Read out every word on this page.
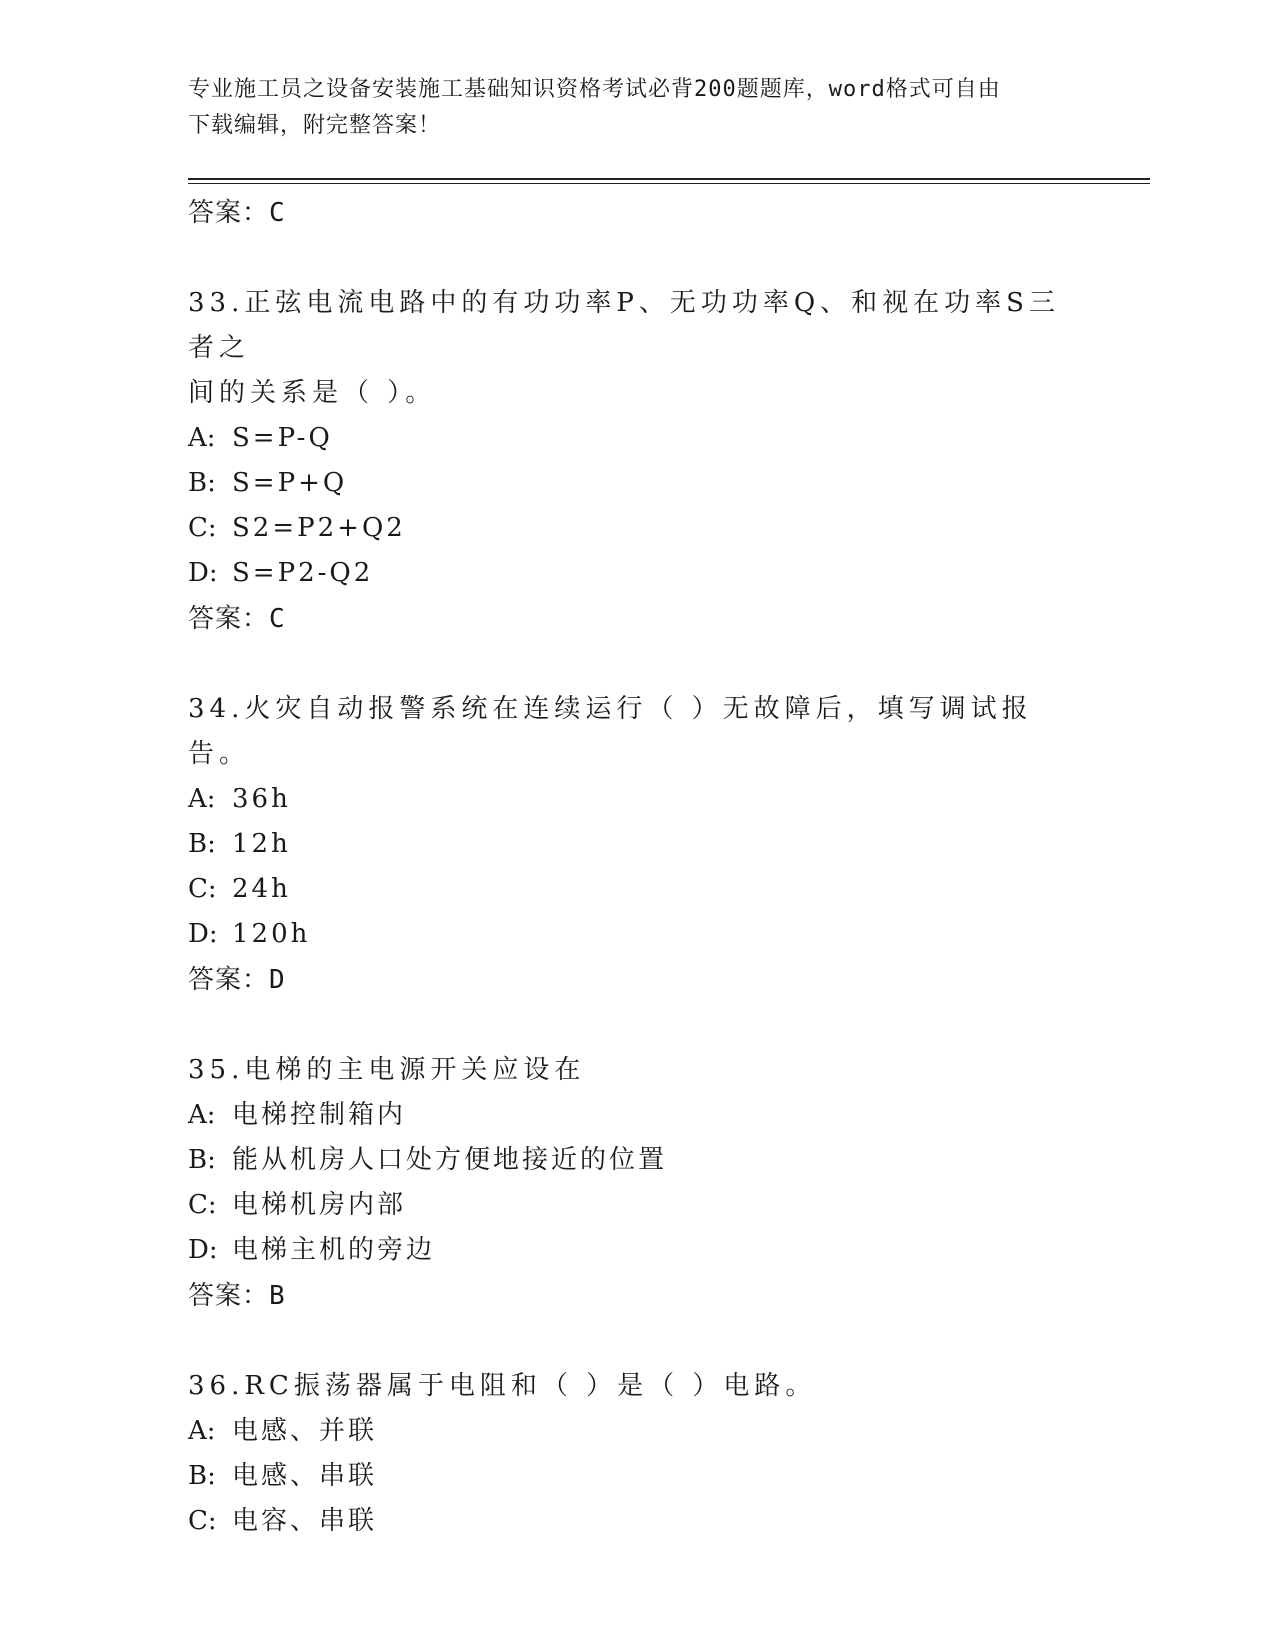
专业施工员之设备安装施工基础知识资格考试必背200题题库，word格式可自由
下载编辑，附完整答案！
答案：C
33.正弦电流电路中的有功功率P、无功功率Q、和视在功率S三者之
间的关系是（ ）。
A: S=P-Q
B: S=P+Q
C: S2=P2+Q2
D: S=P2-Q2
答案：C
34.火灾自动报警系统在连续运行（ ）无故障后，填写调试报告。
A: 36h
B: 12h
C: 24h
D: 120h
答案：D
35.电梯的主电源开关应设在
A: 电梯控制箱内
B: 能从机房人口处方便地接近的位置
C: 电梯机房内部
D: 电梯主机的旁边
答案：B
36.RC振荡器属于电阻和（ ）是（ ）电路。
A: 电感、并联
B: 电感、串联
C: 电容、串联
